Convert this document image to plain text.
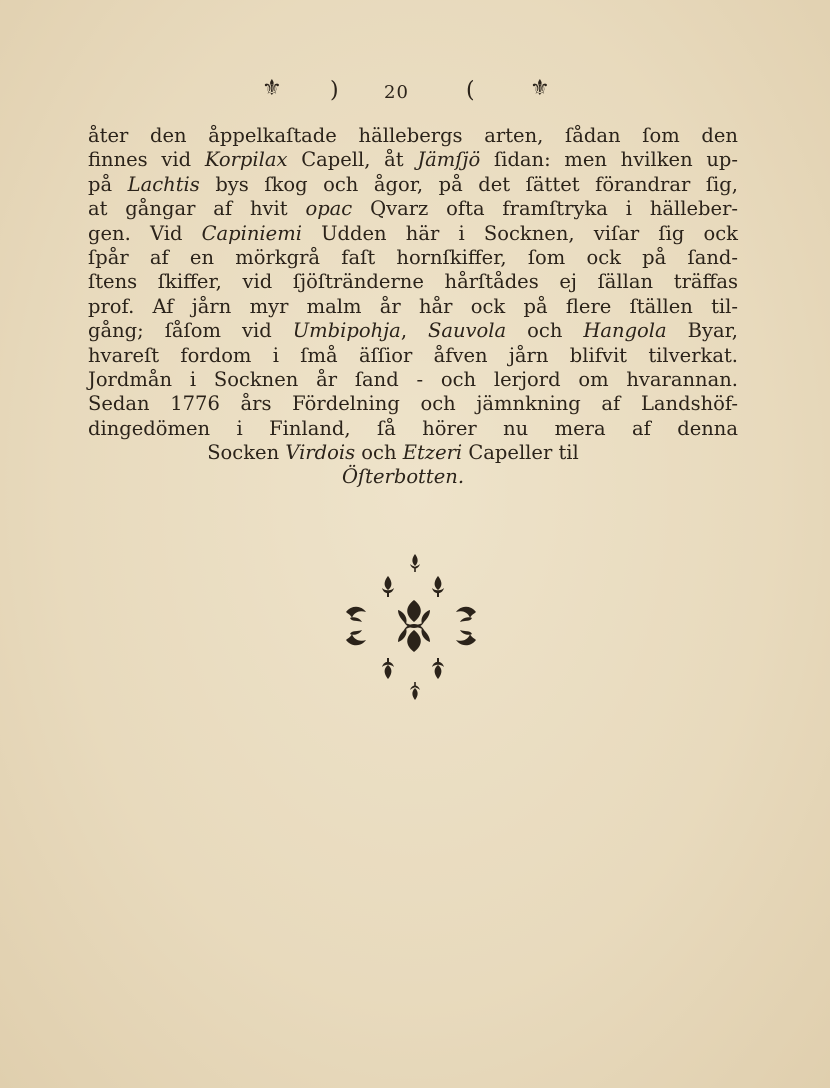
⚜ )	20	(	⚜
åter den åppelkaſtade hällebergs arten, ſådan ſom den
finnes vid Korpilax Capell, åt Jämſjö ſidan: men hvilken up-
på Lachtis bys ſkog och ågor, på det ſättet förandrar ſig,
at gångar af hvit opac Qvarz ofta framſtryka i hälleber-
gen. Vid Capiniemi Udden här i Socknen, viſar ſig ock
ſpår af en mörkgrå faſt hornſkiffer, ſom ock på ſand-
ſtens ſkiffer, vid ſjöſtränderne hårſtådes ej ſällan träffas
prof. Af jårn myr malm år hår ock på flere ſtällen til-
gång; ſåſom vid Umbipohja, Sauvola och Hangola Byar,
hvareſt fordom i ſmå äſſior åfven jårn blifvit tilverkat.
Jordmån i Socknen år ſand - och lerjord om hvarannan.
Sedan 1776 års Fördelning och jämnkning af Landshöf-
dingedömen i Finland, ſå hörer nu mera af denna
Socken Virdois och Etzeri Capeller til
Öſterbotten.
